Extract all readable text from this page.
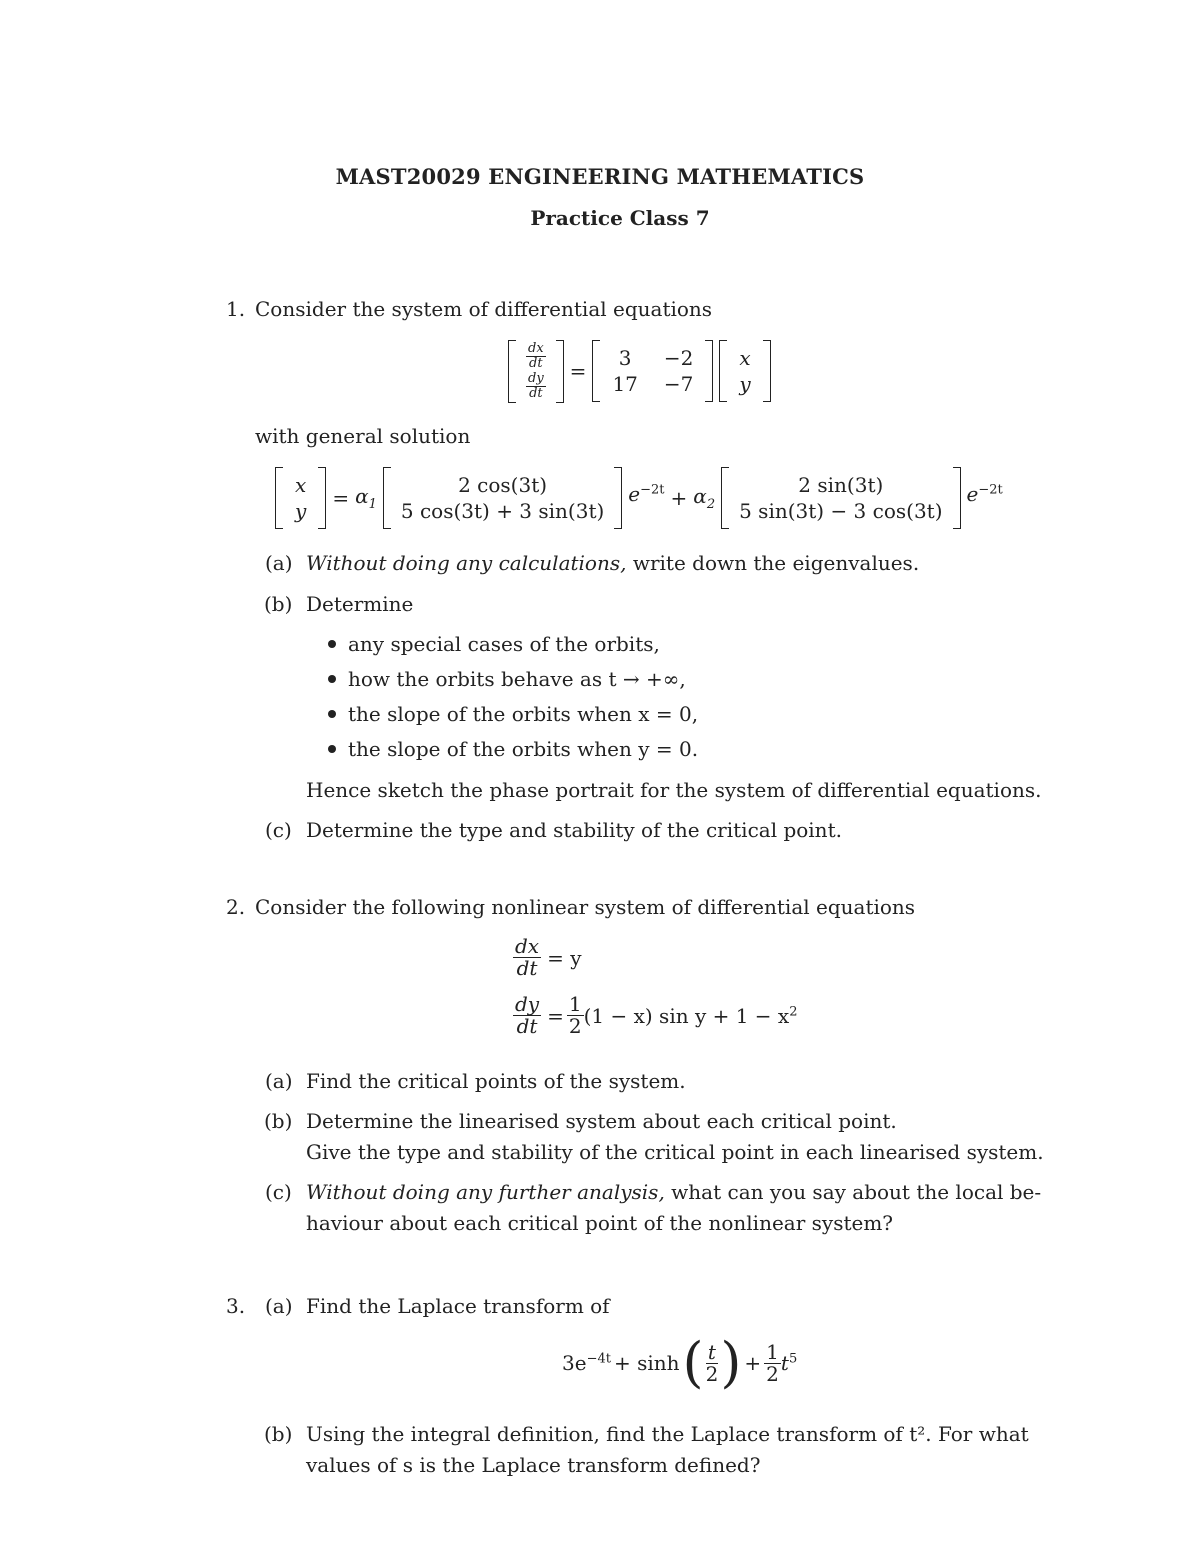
MAST20029 ENGINEERING MATHEMATICS
Practice Class 7
1. Consider the system of differential equations
$\frac{dx}{dt}$
$\frac{dy}{dt}$
=
3 −2
17 −7
x
y
with general solution
x
y
= $\alpha_1$
2 cos(3t)
5 cos(3t) + 3 sin(3t)
$e^{-2t} + \alpha_2$
2 sin(3t)
5 sin(3t) − 3 cos(3t)
$e^{-2t}$
(a) Without doing any calculations, write down the eigenvalues.
(b) Determine
any special cases of the orbits,
how the orbits behave as t → +∞,
the slope of the orbits when x = 0,
the slope of the orbits when y = 0.
Hence sketch the phase portrait for the system of differential equations.
(c) Determine the type and stability of the critical point.
2. Consider the following nonlinear system of differential equations
$\frac{dx}{dt} = y$
$\frac{dy}{dt} = \frac{1}{2} (1 - x)$ $\sin y + 1 - x^2$
(a) Find the critical points of the system.
(b) Determine the linearised system about each critical point.
Give the type and stability of the critical point in each linearised system.
(c) Without doing any further analysis, what can you say about the local be-
haviour about each critical point of the nonlinear system?
3. (a) Find the Laplace transform of
$3e^{-4t} + \sinh$ ( $\frac{t}{2}$ ) + $\frac{1}{2} t^5$
(b) Using the integral definition, find the Laplace transform of t². For what
values of s is the Laplace transform defined?
